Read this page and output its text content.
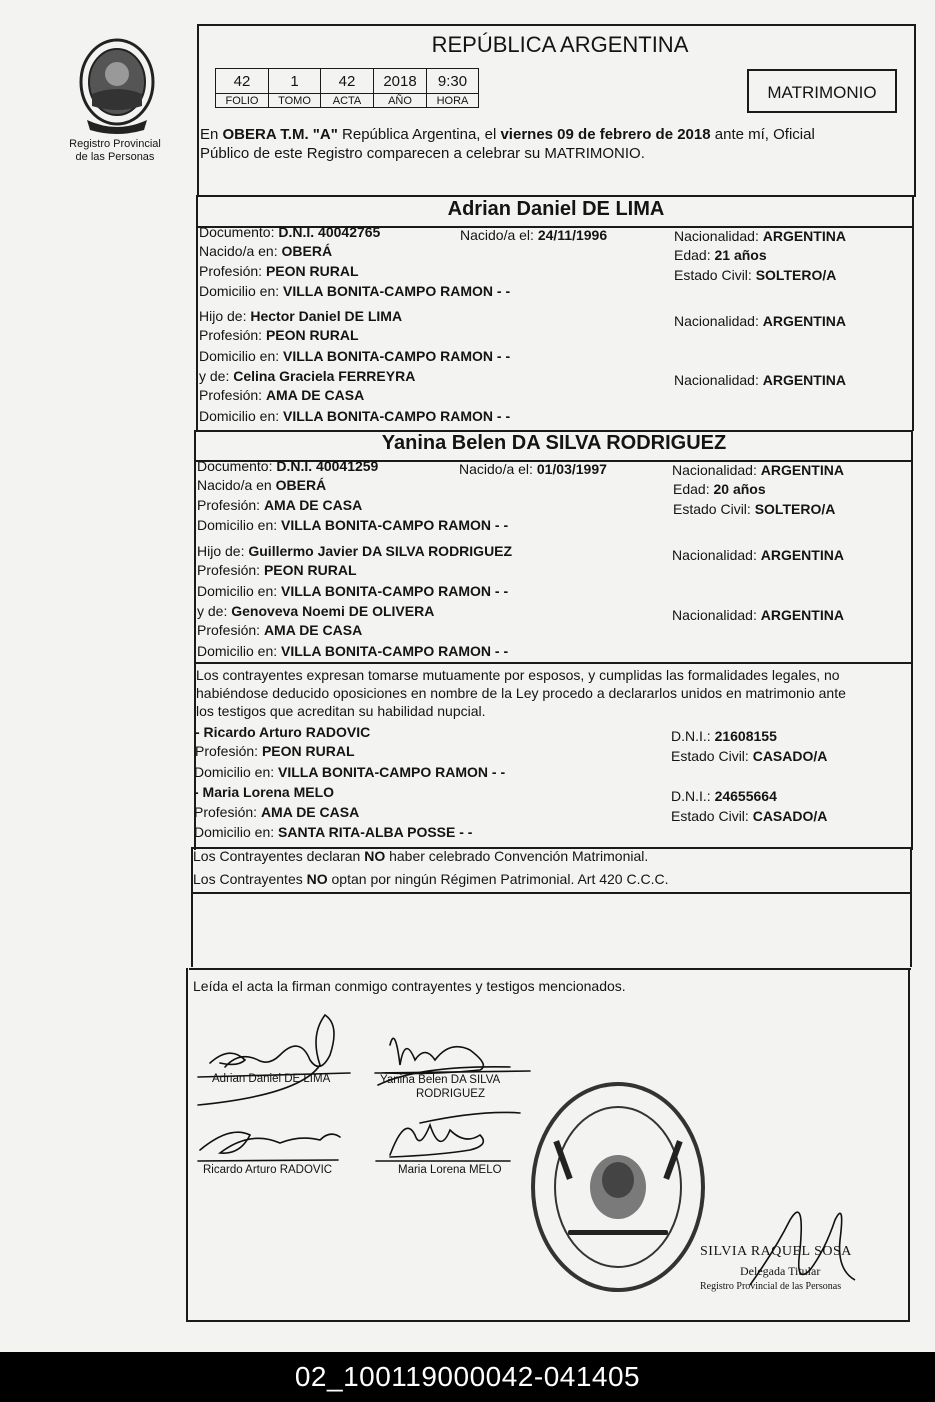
Registro Provincial
de las Personas
REPÚBLICA ARGENTINA
42	1	42	2018	9:30
FOLIO	TOMO	ACTA	AÑO	HORA	MATRIMONIO
En OBERA T.M. "A" República Argentina, el viernes 09 de febrero de 2018 ante mí, Oficial
Público de este Registro comparecen a celebrar su MATRIMONIO.
Adrian Daniel DE LIMA
Documento: D.N.I. 40042765	Nacido/a el: 24/11/1996	Nacionalidad: ARGENTINA
Nacido/a en: OBERÁ	Edad: 21 años
Profesión: PEON RURAL	Estado Civil: SOLTERO/A
Domicilio en: VILLA BONITA-CAMPO RAMON - -
Hijo de: Hector Daniel DE LIMA	Nacionalidad: ARGENTINA
Profesión: PEON RURAL
Domicilio en: VILLA BONITA-CAMPO RAMON - -
y de: Celina Graciela FERREYRA	Nacionalidad: ARGENTINA
Profesión: AMA DE CASA
Domicilio en: VILLA BONITA-CAMPO RAMON - -
Yanina Belen DA SILVA RODRIGUEZ
Documento: D.N.I. 40041259	Nacido/a el: 01/03/1997	Nacionalidad: ARGENTINA
Nacido/a en OBERÁ	Edad: 20 años
Profesión: AMA DE CASA	Estado Civil: SOLTERO/A
Domicilio en: VILLA BONITA-CAMPO RAMON - -
Hijo de: Guillermo Javier DA SILVA RODRIGUEZ	Nacionalidad: ARGENTINA
Profesión: PEON RURAL
Domicilio en: VILLA BONITA-CAMPO RAMON - -
y de: Genoveva Noemi DE OLIVERA	Nacionalidad: ARGENTINA
Profesión: AMA DE CASA
Domicilio en: VILLA BONITA-CAMPO RAMON - -
Los contrayentes expresan tomarse mutuamente por esposos, y cumplidas las formalidades legales, no
habiéndose deducido oposiciones en nombre de la Ley procedo a declararlos unidos en matrimonio ante
los testigos que acreditan su habilidad nupcial.
- Ricardo Arturo RADOVIC	D.N.I.: 21608155
Profesión: PEON RURAL	Estado Civil: CASADO/A
Domicilio en: VILLA BONITA-CAMPO RAMON - -
- Maria Lorena MELO	D.N.I.: 24655664
Profesión: AMA DE CASA	Estado Civil: CASADO/A
Domicilio en: SANTA RITA-ALBA POSSE - -
Los Contrayentes declaran NO haber celebrado Convención Matrimonial.
Los Contrayentes NO optan por ningún Régimen Patrimonial. Art 420 C.C.C.
Leída el acta la firman conmigo contrayentes y testigos mencionados.
Adrian Daniel DE LIMA	Yanina Belen DA SILVA
RODRIGUEZ
Ricardo Arturo RADOVIC	Maria Lorena MELO
SILVIA RAQUEL SOSA
Delegada Titular
Registro Provincial de las Personas
02_100119000042-041405
